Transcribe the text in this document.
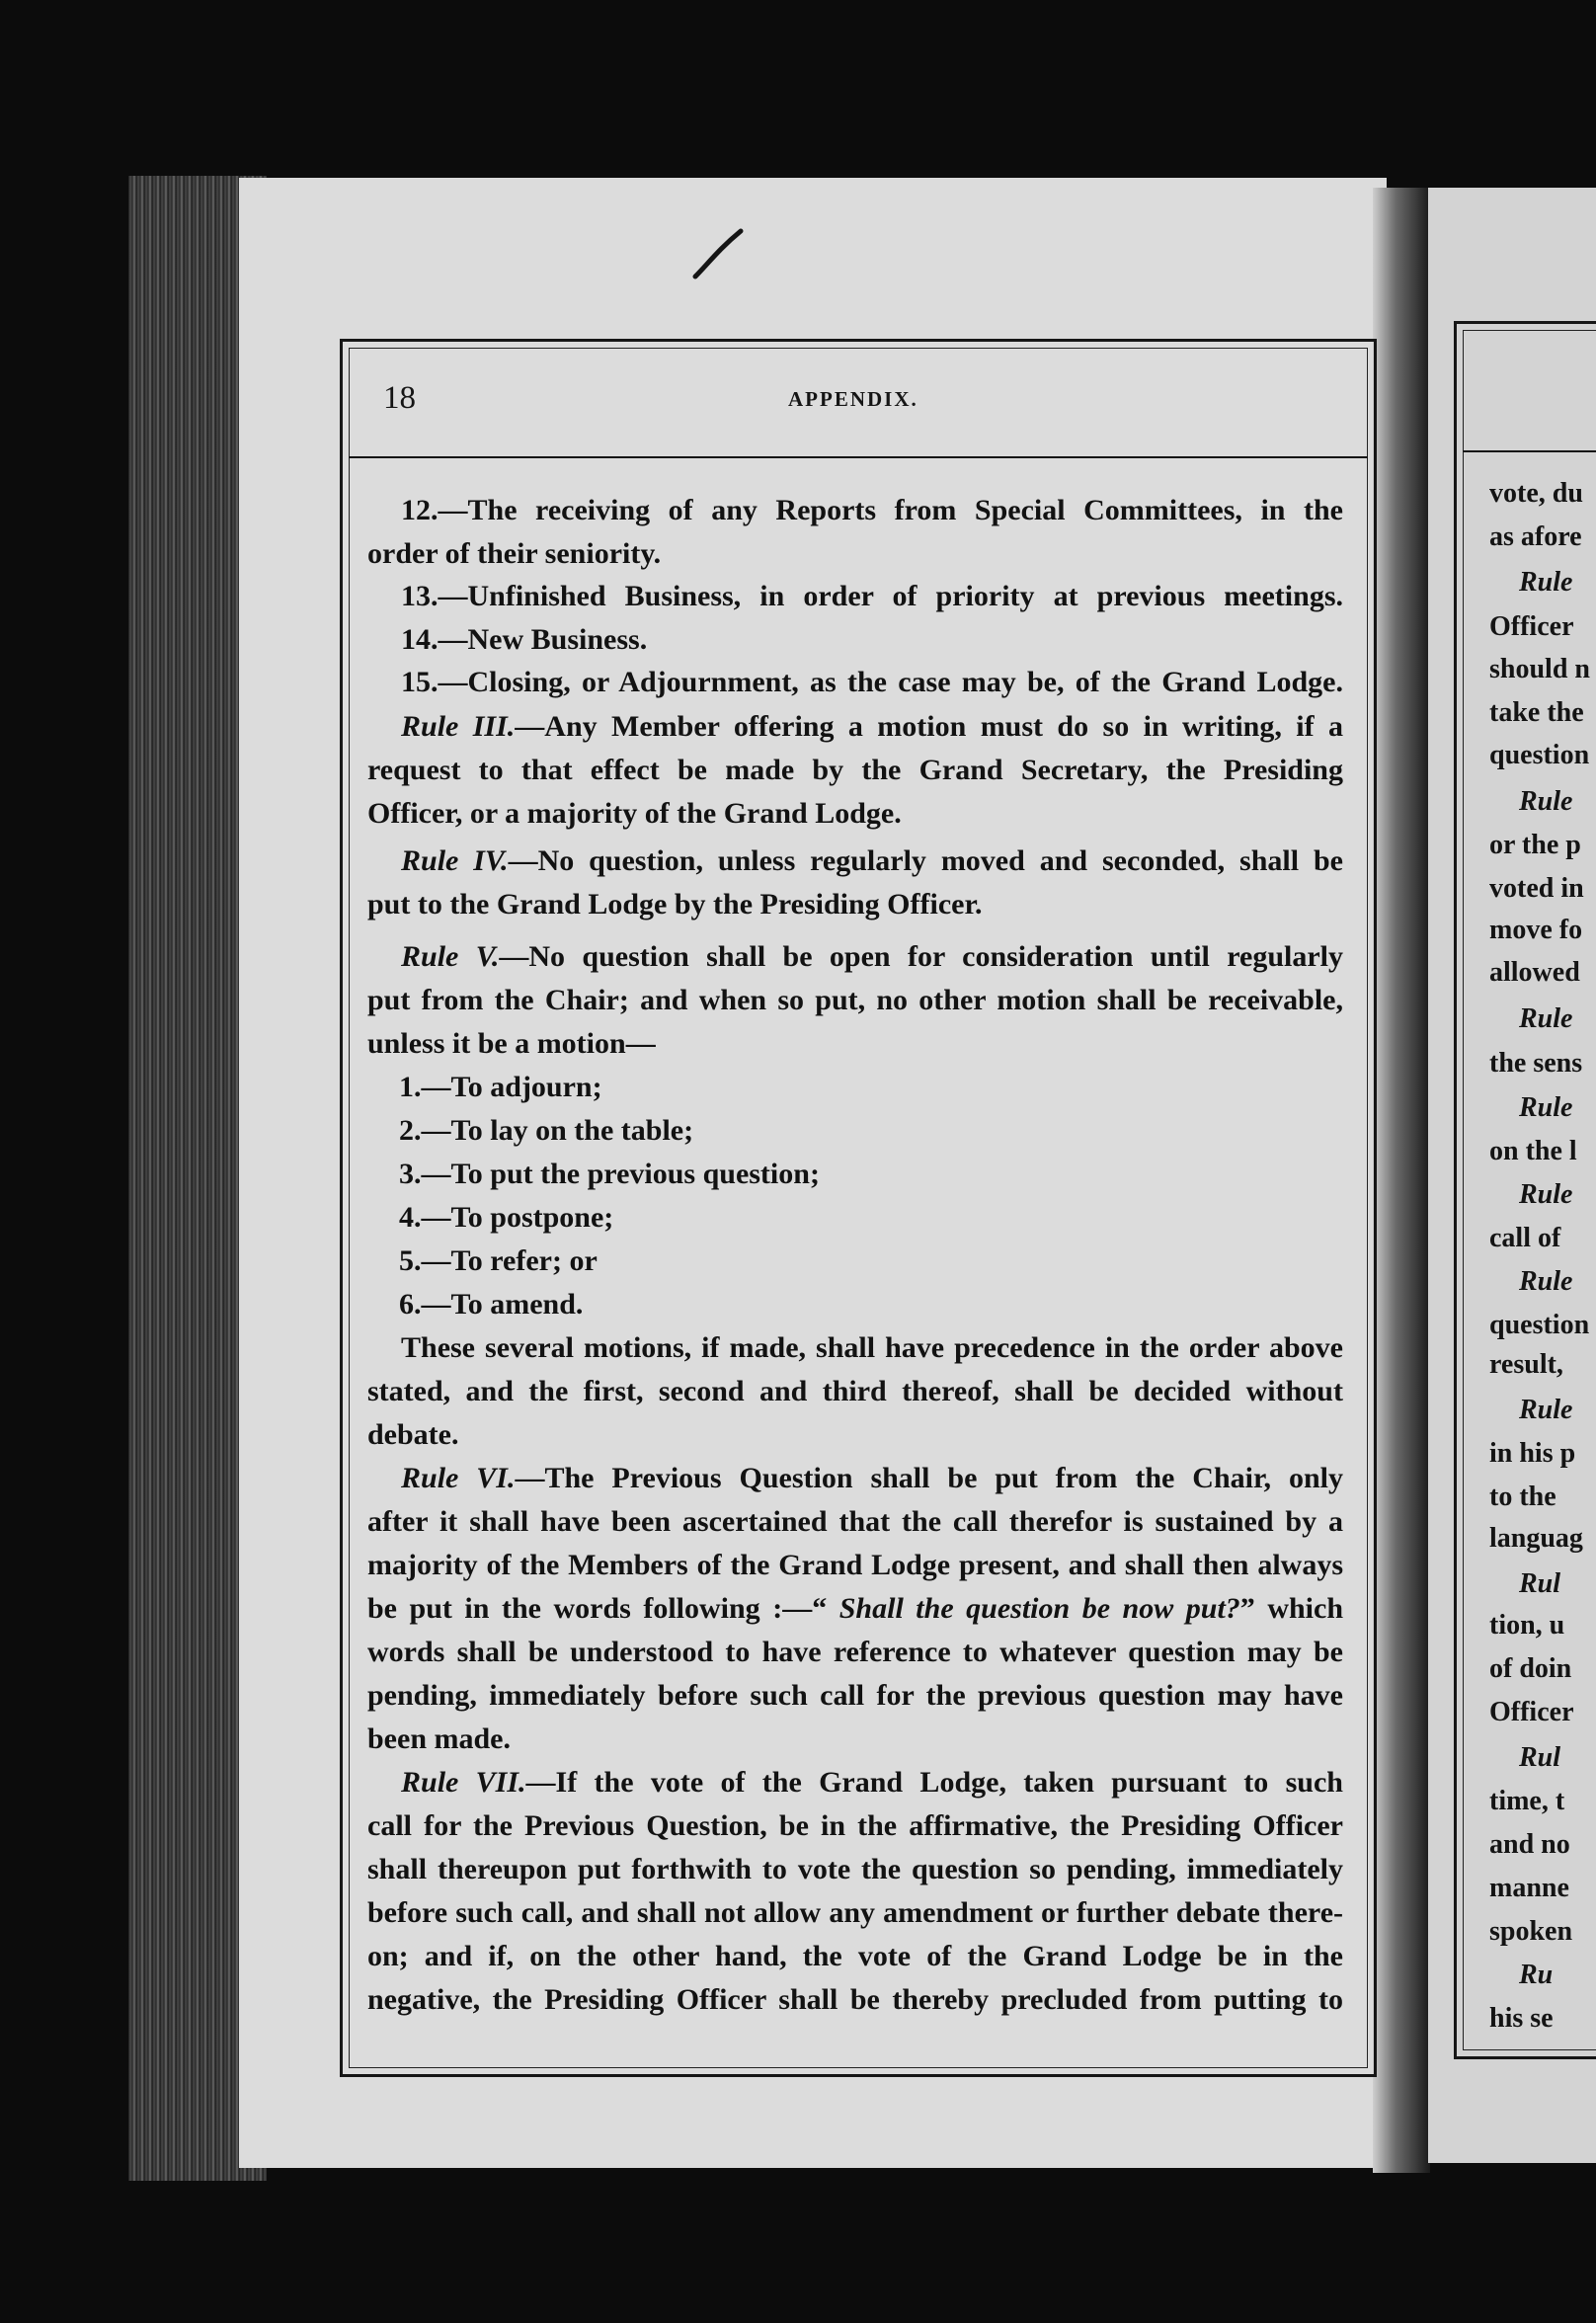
18	APPENDIX.
12.—The receiving of any Reports from Special Committees, in the
order of their seniority.
13.—Unfinished Business, in order of priority at previous meetings.
14.—New Business.
15.—Closing, or Adjournment, as the case may be, of the Grand Lodge.
Rule III.—Any Member offering a motion must do so in writing, if a
request to that effect be made by the Grand Secretary, the Presiding
Officer, or a majority of the Grand Lodge.
Rule IV.—No question, unless regularly moved and seconded, shall be
put to the Grand Lodge by the Presiding Officer.
Rule V.—No question shall be open for consideration until regularly
put from the Chair; and when so put, no other motion shall be receivable,
unless it be a motion—
1.—To adjourn;
2.—To lay on the table;
3.—To put the previous question;
4.—To postpone;
5.—To refer; or
6.—To amend.
These several motions, if made, shall have precedence in the order above
stated, and the first, second and third thereof, shall be decided without
debate.
Rule VI.—The Previous Question shall be put from the Chair, only
after it shall have been ascertained that the call therefor is sustained by a
majority of the Members of the Grand Lodge present, and shall then always
be put in the words following :—“ Shall the question be now put?” which
words shall be understood to have reference to whatever question may be
pending, immediately before such call for the previous question may have
been made.
Rule VII.—If the vote of the Grand Lodge, taken pursuant to such
call for the Previous Question, be in the affirmative, the Presiding Officer
shall thereupon put forthwith to vote the question so pending, immediately
before such call, and shall not allow any amendment or further debate there-
on; and if, on the other hand, the vote of the Grand Lodge be in the
negative, the Presiding Officer shall be thereby precluded from putting to
vote, du
as afore
Rule
Officer
should n
take the
question
Rule
or the p
voted in
move fo
allowed
Rule
the sens
Rule
on the l
Rule
call of
Rule
question
result,
Rule
in his p
to the
languag
Rul
tion, u
of doin
Officer
Rul
time, t
and no
manne
spoken
Ru
his se
